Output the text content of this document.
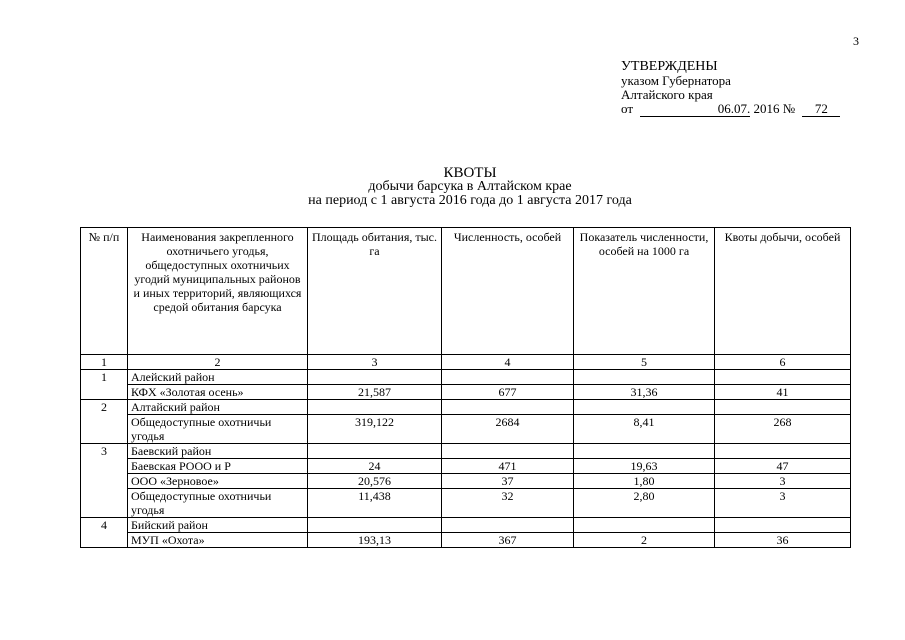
3
УТВЕРЖДЕНЫ
указом Губернатора
Алтайского края
от	06.07. 2016 № 72
КВОТЫ
добычи барсука в Алтайском крае
на период с 1 августа 2016 года до 1 августа 2017 года
№ п/п	Наименования закрепленного охотничьего угодья, общедоступных охотничьих угодий муниципальных районов и иных территорий, являющихся средой обитания барсука	Площадь обитания, тыс. га	Численность, особей	Показатель численности, особей на 1000 га	Квоты добычи, особей
1	2	3	4	5	6
1	Алейский район				
	КФХ «Золотая осень»	21,587	677	31,36	41
2	Алтайский район				
	Общедоступные охотничьи угодья	319,122	2684	8,41	268
3	Баевский район				
	Баевская РООО и Р	24	471	19,63	47
	ООО «Зерновое»	20,576	37	1,80	3
	Общедоступные охотничьи угодья	11,438	32	2,80	3
4	Бийский район				
	МУП «Охота»	193,13	367	2	36
